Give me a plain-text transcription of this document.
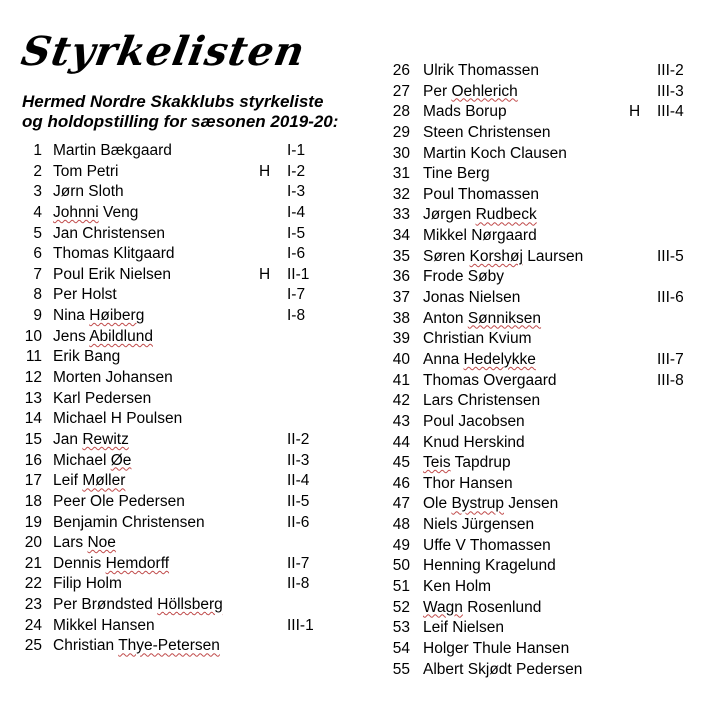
Styrkelisten
Hermed Nordre Skakklubs styrkeliste
og holdopstilling for sæsonen 2019-20:
1 Martin Bækgaard	I-1
2 Tom Petri	H I-2
3 Jørn Sloth	I-3
4 Johnni Veng	I-4
5 Jan Christensen	I-5
6 Thomas Klitgaard	I-6
7 Poul Erik Nielsen	H II-1
8 Per Holst	I-7
9 Nina Høiberg	I-8
10 Jens Abildlund
11 Erik Bang
12 Morten Johansen
13 Karl Pedersen
14 Michael H Poulsen
15 Jan Rewitz	II-2
16 Michael Øe	II-3
17 Leif Møller	II-4
18 Peer Ole Pedersen	II-5
19 Benjamin Christensen	II-6
20 Lars Noe
21 Dennis Hemdorff	II-7
22 Filip Holm	II-8
23 Per Brøndsted Höllsberg
24 Mikkel Hansen	III-1
25 Christian Thye-Petersen
26 Ulrik Thomassen	III-2
27 Per Oehlerich	III-3
28 Mads Borup	H III-4
29 Steen Christensen
30 Martin Koch Clausen
31 Tine Berg
32 Poul Thomassen
33 Jørgen Rudbeck
34 Mikkel Nørgaard
35 Søren Korshøj Laursen	III-5
36 Frode Søby
37 Jonas Nielsen	III-6
38 Anton Sønniksen
39 Christian Kvium
40 Anna Hedelykke	III-7
41 Thomas Overgaard	III-8
42 Lars Christensen
43 Poul Jacobsen
44 Knud Herskind
45 Teis Tapdrup
46 Thor Hansen
47 Ole Bystrup Jensen
48 Niels Jürgensen
49 Uffe V Thomassen
50 Henning Kragelund
51 Ken Holm
52 Wagn Rosenlund
53 Leif Nielsen
54 Holger Thule Hansen
55 Albert Skjødt Pedersen
